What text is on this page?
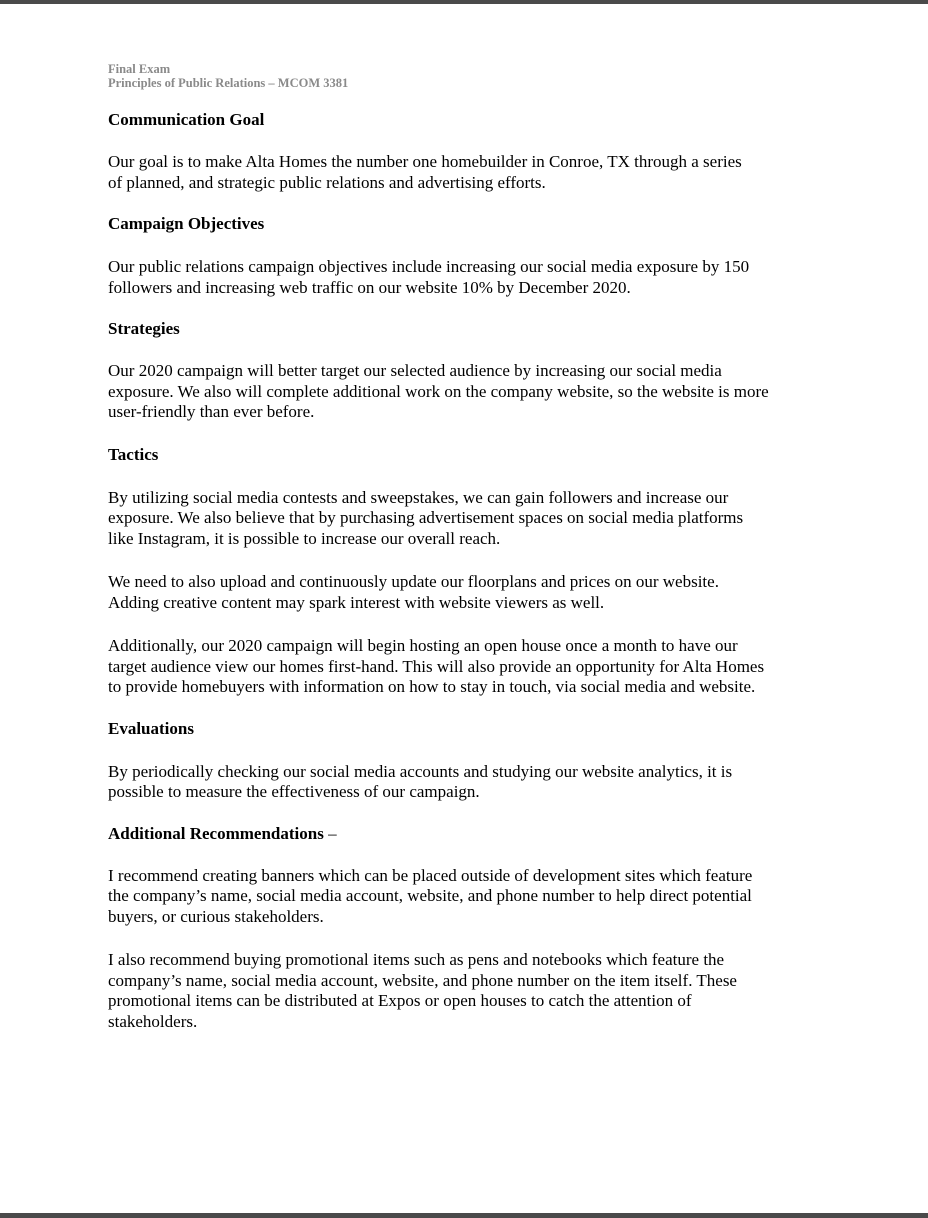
Final Exam

Principles of Public Relations – MCOM 3381

Communication Goal

Our goal is to make Alta Homes the number one homebuilder in Conroe, TX through a series
of planned, and strategic public relations and advertising efforts.

Campaign Objectives

Our public relations campaign objectives include increasing our social media exposure by 150
followers and increasing web traffic on our website 10% by December 2020.

Strategies

Our 2020 campaign will better target our selected audience by increasing our social media
exposure. We also will complete additional work on the company website, so the website is more
user-friendly than ever before.

Tactics

By utilizing social media contests and sweepstakes, we can gain followers and increase our
exposure. We also believe that by purchasing advertisement spaces on social media platforms
like Instagram, it is possible to increase our overall reach.

We need to also upload and continuously update our floorplans and prices on our website.
Adding creative content may spark interest with website viewers as well.

Additionally, our 2020 campaign will begin hosting an open house once a month to have our
target audience view our homes first-hand. This will also provide an opportunity for Alta Homes
to provide homebuyers with information on how to stay in touch, via social media and website.

Evaluations

By periodically checking our social media accounts and studying our website analytics, it is
possible to measure the effectiveness of our campaign.

Additional Recommendations –

I recommend creating banners which can be placed outside of development sites which feature
the company’s name, social media account, website, and phone number to help direct potential
buyers, or curious stakeholders.

I also recommend buying promotional items such as pens and notebooks which feature the
company’s name, social media account, website, and phone number on the item itself. These
promotional items can be distributed at Expos or open houses to catch the attention of
stakeholders.
